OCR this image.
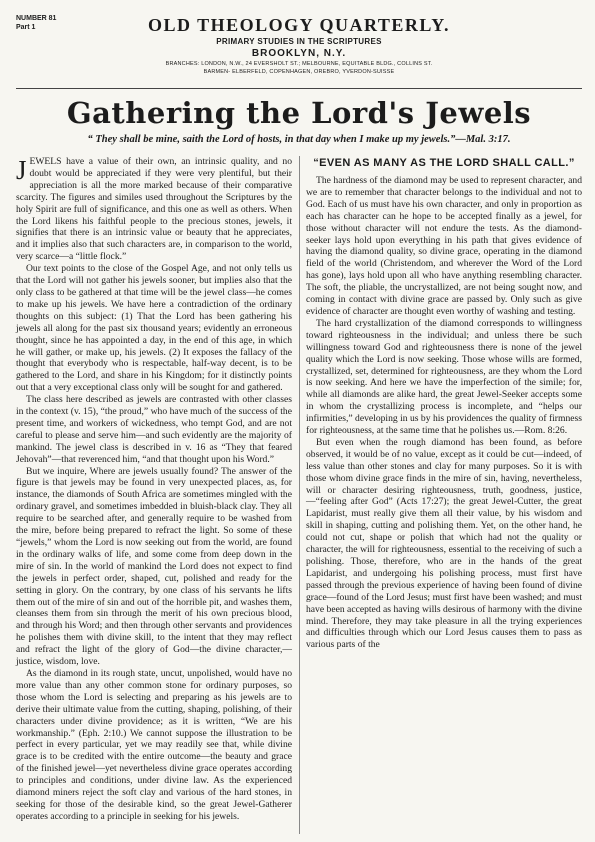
NUMBER 81
Part 1	OLD THEOLOGY QUARTERLY.
PRIMARY STUDIES IN THE SCRIPTURES
BROOKLYN, N.Y.
BRANCHES: LONDON, N.W., 24 EVERSHOLT ST.; MELBOURNE, EQUITABLE BLDG., COLLINS ST.
BARMEN- ELBERFELD, COPENHAGEN, OREBRO, YVERDON-SUISSE
Gathering the Lord's Jewels
“ They shall be mine, saith the Lord of hosts, in that day when I make up my jewels.”—Mal. 3:17.

JEWELS have a value of their own, an intrinsic quality, and no doubt would be appreciated if they were very plentiful, but their appreciation is all the more marked because of their comparative scarcity. The figures and similes used throughout the Scriptures by the holy Spirit are full of significance, and this one as well as others. When the Lord likens his faithful people to the precious stones, jewels, it signifies that there is an intrinsic value or beauty that he appreciates, and it implies also that such characters are, in comparison to the world, very scarce—a “little flock.”

Our text points to the close of the Gospel Age, and not only tells us that the Lord will not gather his jewels sooner, but implies also that the only class to be gathered at that time will be the jewel class—he comes to make up his jewels. We have here a contradiction of the ordinary thoughts on this subject: (1) That the Lord has been gathering his jewels all along for the past six thousand years; evidently an erroneous thought, since he has appointed a day, in the end of this age, in which he will gather, or make up, his jewels. (2) It exposes the fallacy of the thought that everybody who is respectable, half-way decent, is to be gathered to the Lord, and share in his Kingdom; for it distinctly points out that a very exceptional class only will be sought for and gathered.

The class here described as jewels are contrasted with other classes in the context (v. 15), “the proud,” who have much of the success of the present time, and workers of wickedness, who tempt God, and are not careful to please and serve him—and such evidently are the majority of mankind. The jewel class is described in v. 16 as “They that feared Jehovah”—that reverenced him, “and that thought upon his Word.”

But we inquire, Where are jewels usually found? The answer of the figure is that jewels may be found in very unexpected places, as, for instance, the diamonds of South Africa are sometimes mingled with the ordinary gravel, and sometimes imbedded in bluish-black clay. They all require to be searched after, and generally require to be washed from the mire, before being prepared to refract the light. So some of these “jewels,” whom the Lord is now seeking out from the world, are found in the ordinary walks of life, and some come from deep down in the mire of sin. In the world of mankind the Lord does not expect to find the jewels in perfect order, shaped, cut, polished and ready for the setting in glory. On the contrary, by one class of his servants he lifts them out of the mire of sin and out of the horrible pit, and washes them, cleanses them from sin through the merit of his own precious blood, and through his Word; and then through other servants and providences he polishes them with divine skill, to the intent that they may reflect and refract the light of the glory of God—the divine character,—justice, wisdom, love.

As the diamond in its rough state, uncut, unpolished, would have no more value than any other common stone for ordinary purposes, so those whom the Lord is selecting and preparing as his jewels are to derive their ultimate value from the cutting, shaping, polishing, of their characters under divine providence; as it is written, “We are his workmanship.” (Eph. 2:10.) We cannot suppose the illustration to be perfect in every particular, yet we may readily see that, while divine grace is to be credited with the entire outcome—the beauty and grace of the finished jewel—yet nevertheless divine grace operates according to principles and conditions, under divine law. As the experienced diamond miners reject the soft clay and various of the hard stones, in seeking for those of the desirable kind, so the great Jewel-Gatherer operates according to a principle in seeking for his jewels.

“EVEN AS MANY AS THE LORD SHALL CALL.”

The hardness of the diamond may be used to represent character, and we are to remember that character belongs to the individual and not to God. Each of us must have his own character, and only in proportion as each has character can he hope to be accepted finally as a jewel, for those without character will not endure the tests. As the diamond-seeker lays hold upon everything in his path that gives evidence of having the diamond quality, so divine grace, operating in the diamond field of the world (Christendom, and wherever the Word of the Lord has gone), lays hold upon all who have anything resembling character. The soft, the pliable, the uncrystallized, are not being sought now, and coming in contact with divine grace are passed by. Only such as give evidence of character are thought even worthy of washing and testing.

The hard crystallization of the diamond corresponds to willingness toward righteousness in the individual; and unless there be such willingness toward God and righteousness there is none of the jewel quality which the Lord is now seeking. Those whose wills are formed, crystallized, set, determined for righteousness, are they whom the Lord is now seeking. And here we have the imperfection of the simile; for, while all diamonds are alike hard, the great Jewel-Seeker accepts some in whom the crystallizing process is incomplete, and “helps our infirmities,” developing in us by his providences the quality of firmness for righteousness, at the same time that he polishes us.—Rom. 8:26.

But even when the rough diamond has been found, as before observed, it would be of no value, except as it could be cut—indeed, of less value than other stones and clay for many purposes. So it is with those whom divine grace finds in the mire of sin, having, nevertheless, will or character desiring righteousness, truth, goodness, justice,—“feeling after God” (Acts 17:27); the great Jewel-Cutter, the great Lapidarist, must really give them all their value, by his wisdom and skill in shaping, cutting and polishing them. Yet, on the other hand, he could not cut, shape or polish that which had not the quality or character, the will for righteousness, essential to the receiving of such a polishing. Those, therefore, who are in the hands of the great Lapidarist, and undergoing his polishing process, must first have passed through the previous experience of having been found of divine grace—found of the Lord Jesus; must first have been washed; and must have been accepted as having wills desirous of harmony with the divine mind. Therefore, they may take pleasure in all the trying experiences and difficulties through which our Lord Jesus causes them to pass as various parts of the
